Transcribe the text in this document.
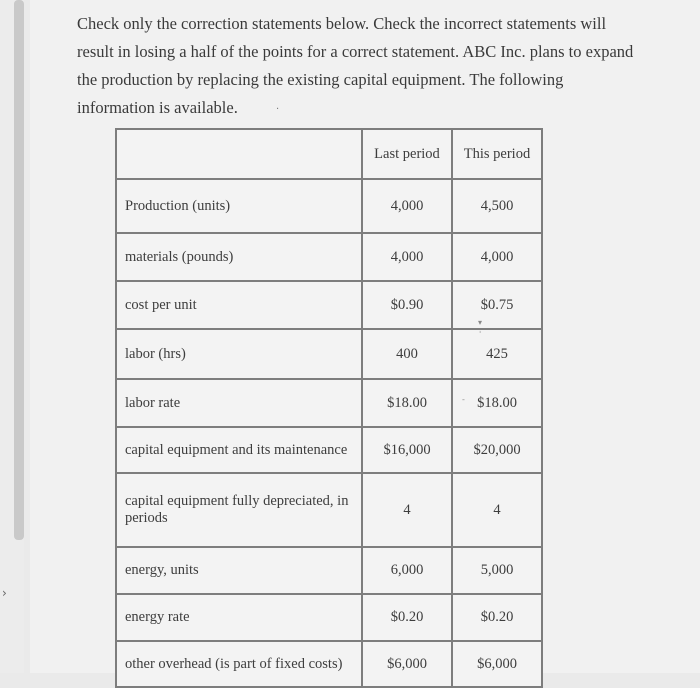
›
Check only the correction statements below. Check the incorrect statements will
result in losing a half of the points for a correct statement. ABC Inc. plans to expand
the production by replacing the existing capital equipment. The following
information is available.	·
	Last period	This period
Production (units)	4,000	4,500
materials (pounds)	4,000	4,000
cost per unit	$0.90	$0.75
labor (hrs)	400	425
labor rate	$18.00	$18.00
capital equipment and its maintenance	$16,000	$20,000
capital equipment fully depreciated, in periods	4	4
energy, units	6,000	5,000
energy rate	$0.20	$0.20
other overhead (is part of fixed costs)	$6,000	$6,000
▾
ˈ
-
